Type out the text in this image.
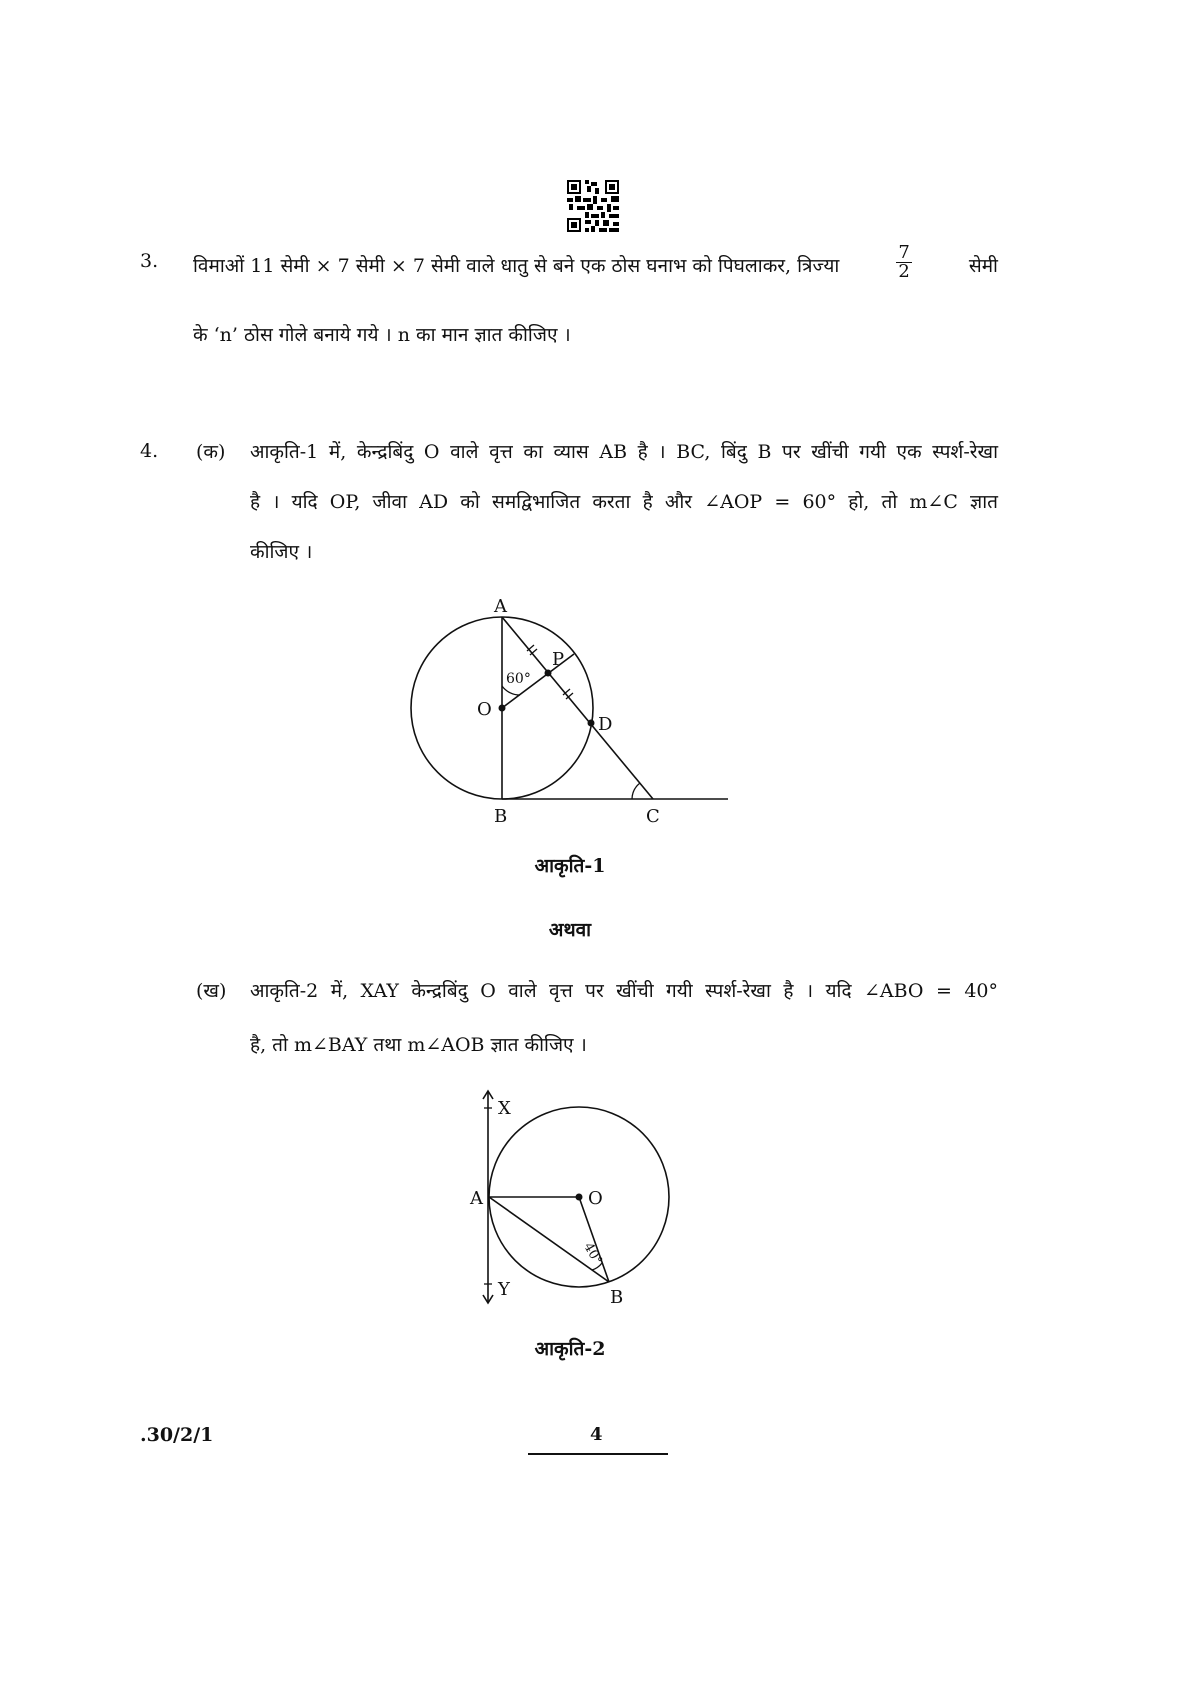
3. विमाओं 11 सेमी × 7 सेमी × 7 सेमी वाले धातु से बने एक ठोस घनाभ को पिघलाकर, त्रिज्या	$\frac{7}{2}$	सेमी
के ‘n’ ठोस गोले बनाये गये । n का मान ज्ञात कीजिए ।
4. (क) आकृति-1 में, केन्द्रबिंदु O वाले वृत्त का व्यास AB है । BC, बिंदु B पर खींची गयी एक स्पर्श-रेखा
है । यदि OP, जीवा AD को समद्विभाजित करता है और ∠AOP = 60° हो, तो m∠C ज्ञात
कीजिए ।
A
P
60°
O
D
B	C
आकृति-1
अथवा
(ख) आकृति-2 में, XAY केन्द्रबिंदु O वाले वृत्त पर खींची गयी स्पर्श-रेखा है । यदि ∠ABO = 40°
है, तो m∠BAY तथा m∠AOB ज्ञात कीजिए ।
X
A	O
40°
Y	B
आकृति-2
.30/2/1	4
